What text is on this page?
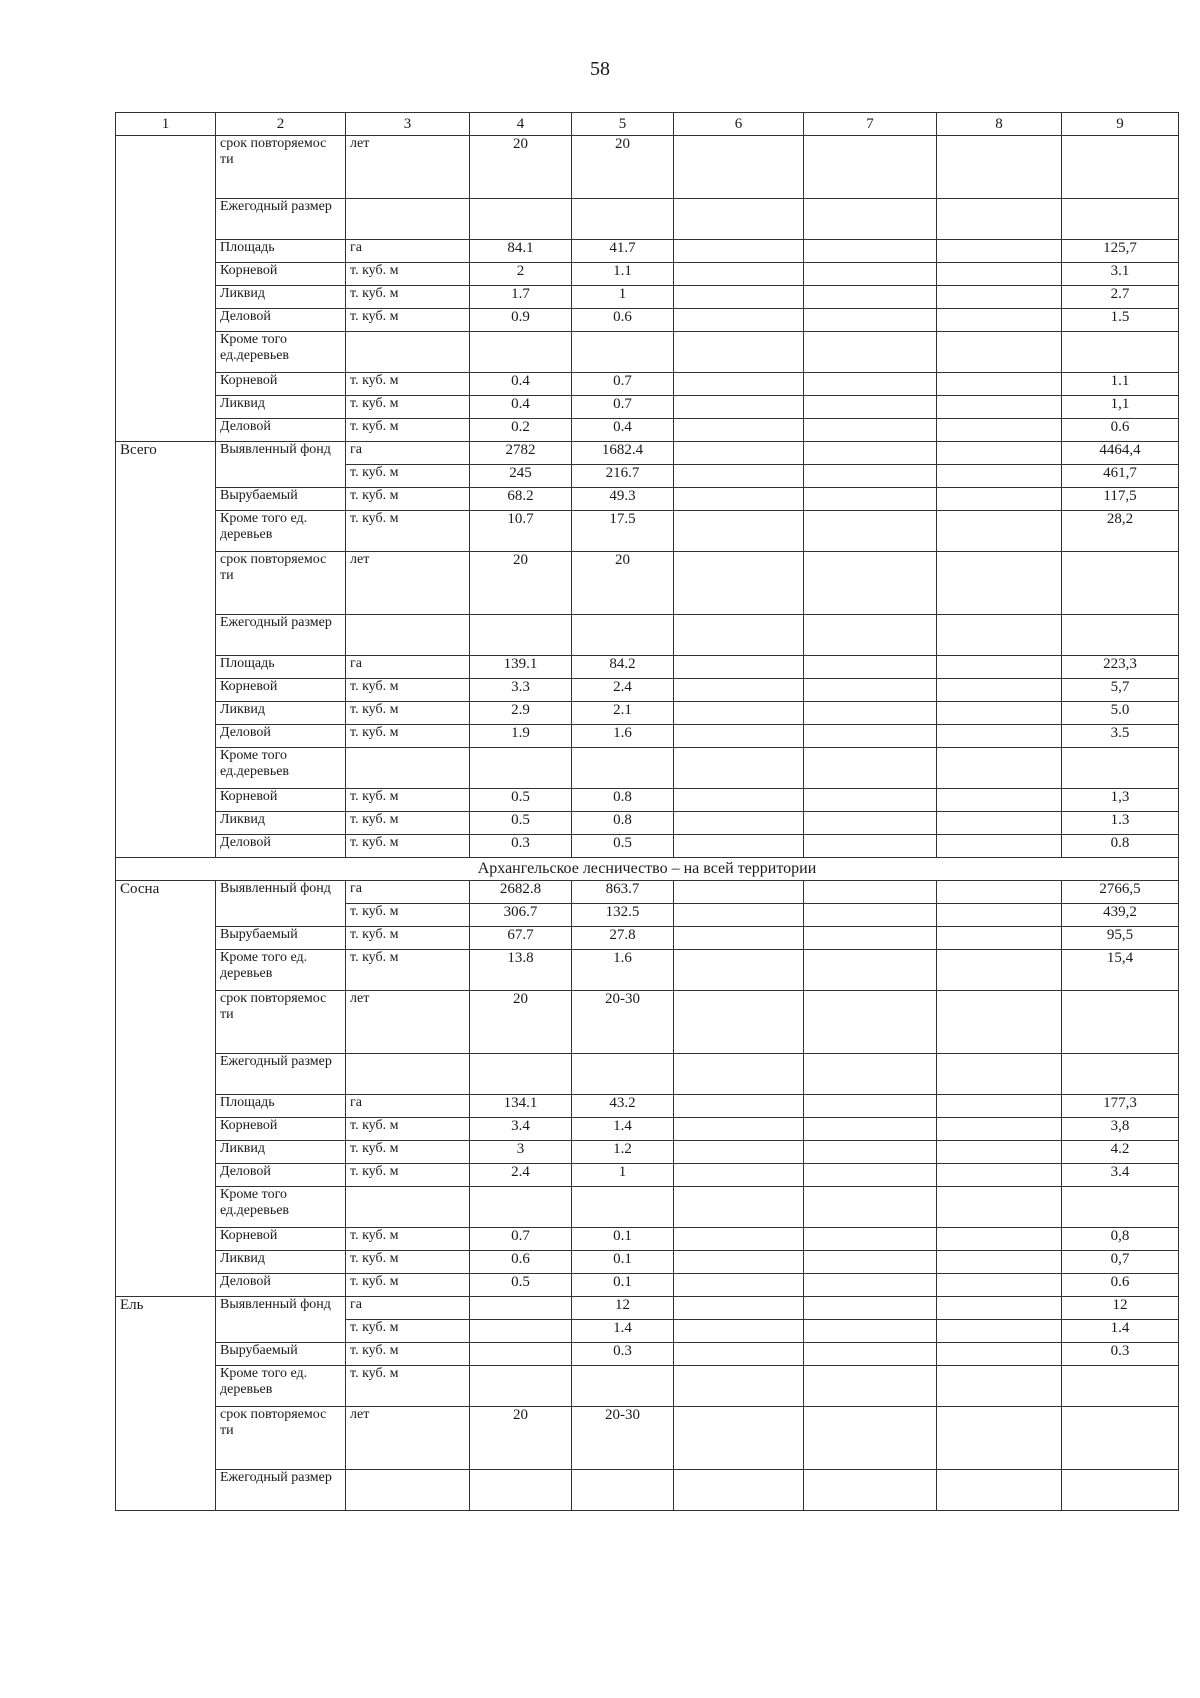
58
1	2	3	4	5	6	7	8	9
	срок повторяемос ти	лет	20	20				
	Ежегодный размер							
	Площадь	га	84.1	41.7				125,7
	Корневой	т. куб. м	2	1.1				3.1
	Ликвид	т. куб. м	1.7	1				2.7
	Деловой	т. куб. м	0.9	0.6				1.5
	Кроме того ед.деревьев							
	Корневой	т. куб. м	0.4	0.7				1.1
	Ликвид	т. куб. м	0.4	0.7				1,1
	Деловой	т. куб. м	0.2	0.4				0.6
Всего	Выявленный фонд	га	2782	1682.4				4464,4
		т. куб. м	245	216.7				461,7
	Вырубаемый	т. куб. м	68.2	49.3				117,5
	Кроме того ед. деревьев	т. куб. м	10.7	17.5				28,2
	срок повторяемос ти	лет	20	20				
	Ежегодный размер							
	Площадь	га	139.1	84.2				223,3
	Корневой	т. куб. м	3.3	2.4				5,7
	Ликвид	т. куб. м	2.9	2.1				5.0
	Деловой	т. куб. м	1.9	1.6				3.5
	Кроме того ед.деревьев							
	Корневой	т. куб. м	0.5	0.8				1,3
	Ликвид	т. куб. м	0.5	0.8				1.3
	Деловой	т. куб. м	0.3	0.5				0.8
Архангельское лесничество – на всей территории								
Сосна	Выявленный фонд	га	2682.8	863.7				2766,5
		т. куб. м	306.7	132.5				439,2
	Вырубаемый	т. куб. м	67.7	27.8				95,5
	Кроме того ед. деревьев	т. куб. м	13.8	1.6				15,4
	срок повторяемос ти	лет	20	20-30				
	Ежегодный размер							
	Площадь	га	134.1	43.2				177,3
	Корневой	т. куб. м	3.4	1.4				3,8
	Ликвид	т. куб. м	3	1.2				4.2
	Деловой	т. куб. м	2.4	1				3.4
	Кроме того ед.деревьев							
	Корневой	т. куб. м	0.7	0.1				0,8
	Ликвид	т. куб. м	0.6	0.1				0,7
	Деловой	т. куб. м	0.5	0.1				0.6
Ель	Выявленный фонд	га		12				12
		т. куб. м		1.4				1.4
	Вырубаемый	т. куб. м		0.3				0.3
	Кроме того ед. деревьев	т. куб. м						
	срок повторяемос ти	лет	20	20-30				
	Ежегодный размер							
